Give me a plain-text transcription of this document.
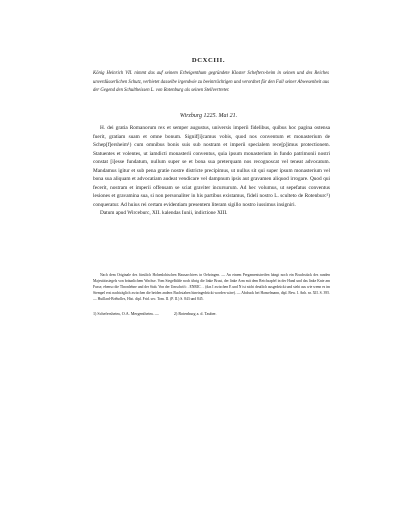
DCXCIII.
König Heinrich VII. nimmt das auf seinem Erbeigenthum gegründete Kloster Schefters-heim in seinen und des Reiches unverdüsserlichen Schutz, verbietet dasselbe irgendwie zu beeinträchtigen und verordnet für den Fall seiner Abwesenheit aus der Gegend den Schultheissen L. von Rotenburg als seinen Stellvertreter.
Wirzburg 1225. Mai 21.

H. dei gratia Romanorum rex et semper augustus, universis imperii fidelibus, quibus hoc pagina ostensa fuerit, gratiam suam et omne bonum. Signif[i]camus vobis, quod nos conventum et monasterium de Schep[f]ersheim¹) cum omnibus bonis suis sub nostram et imperii specialem rece[p]imus protectionem. Statuentes et volentes, ut iamdicti monasterii conventus, quia ipsum monasterium in fundo patrimonii nostri constat [i]esse fundatum, nullum super se et bona sua preterquam nos recognoscat vel teneat advocatum. Mandamus igitur et sub pena gratie nostre districte precipimus, ut nullus sit qui super ipsum monasterium vel bona sua aliquam et advocatiam audeat vendicare vel dampnum ipsis aut gravamen aliquod irrogare. Quod qui fecerit, nostram et imperii offensam se sciat graviter incursurum. Ad hec volumus, ut sepefatus conventus lesiones et gravamina sua, si non personaliter in his partibus existamus, fideli nostro L. sculteto de Rotenburc²) conqueratur. Ad huius rei certam evidentiam presentem literam sigillo nostro iussimus insigniri.

Datum apud Wirceburc, XII. kalendas Iunii, indictione XIII.

Nach dem Originale des fürstlich Hohenlohischen Hausarchives in Oehringen. — An einem Pergamentstreifen hängt noch ein Bruchstück des runden Majestätssiegels von bräunlichem Wachse. Vom Siegelbilde noch übrig die linke Brust, der linke Arm mit dem Reichsapfel in der Hand und das linke Knie am Fusse, ebenso die Thronlehne und der Stab. Von der Umschrift: . ENRIC . . (das I zwischen E und N ist nicht deutlich ausgedrückt und steht aus wie wenn es im Stempel erst nachträglich zwischen die beiden andern Buchstaben hineingedrückt worden wäre). — Abdruck bei Hanselmann, dipl. Bew. I. Anh. nr. XII. S. 395. — Huillard-Bréholles, Hist. dipl. Frid. sec. Tom. II. (P. II.) S. 843 und 845.

1) Schefersheim, O.A. Mergentheim. —	2) Rotenburg a. d. Tauber.
